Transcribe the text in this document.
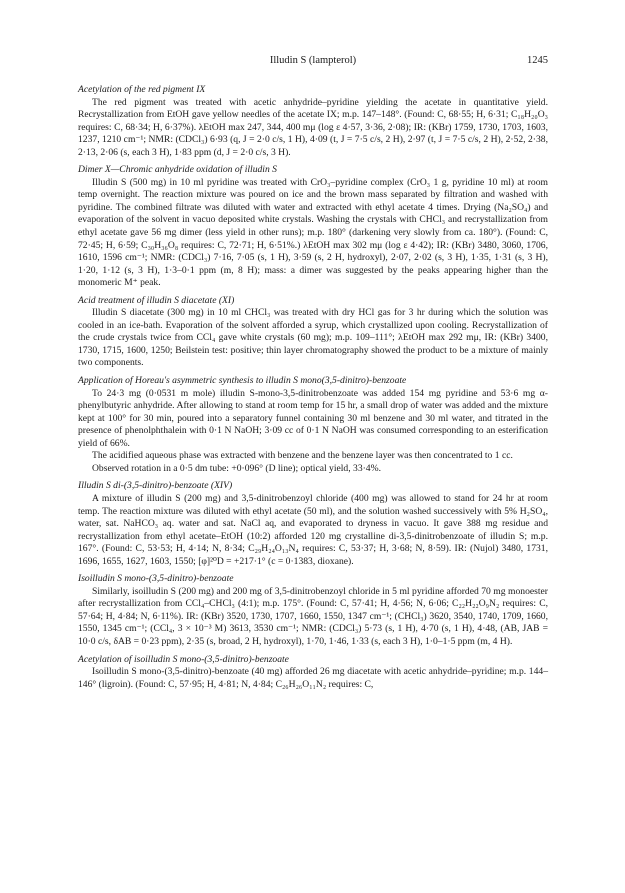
Illudin S (lampterol)	1245

Acetylation of the red pigment IX

The red pigment was treated with acetic anhydride–pyridine yielding the acetate in quantitative yield. Recrystallization from EtOH gave yellow needles of the acetate IX; m.p. 147–148°. (Found: C, 68·55; H, 6·31; C₁₈H₂₀O₃ requires: C, 68·34; H, 6·37%). λEtOH max 247, 344, 400 mμ (log ε 4·57, 3·36, 2·08); IR: (KBr) 1759, 1730, 1703, 1603, 1237, 1210 cm⁻¹; NMR: (CDCl₃) 6·93 (q, J = 2·0 c/s, 1 H), 4·09 (t, J = 7·5 c/s, 2 H), 2·97 (t, J = 7·5 c/s, 2 H), 2·52, 2·38, 2·13, 2·06 (s, each 3 H), 1·83 ppm (d, J = 2·0 c/s, 3 H).

Dimer X—Chromic anhydride oxidation of illudin S

Illudin S (500 mg) in 10 ml pyridine was treated with CrO₃–pyridine complex (CrO₃ 1 g, pyridine 10 ml) at room temp overnight. The reaction mixture was poured on ice and the brown mass separated by filtration and washed with pyridine. The combined filtrate was diluted with water and extracted with ethyl acetate 4 times. Drying (Na₂SO₄) and evaporation of the solvent in vacuo deposited white crystals. Washing the crystals with CHCl₃ and recrystallization from ethyl acetate gave 56 mg dimer (less yield in other runs); m.p. 180° (darkening very slowly from ca. 180°). (Found: C, 72·45; H, 6·59; C₃₀H₃₆O₈ requires: C, 72·71; H, 6·51%.) λEtOH max 302 mμ (log ε 4·42); IR: (KBr) 3480, 3060, 1706, 1610, 1596 cm⁻¹; NMR: (CDCl₃) 7·16, 7·05 (s, 1 H), 3·59 (s, 2 H, hydroxyl), 2·07, 2·02 (s, 3 H), 1·35, 1·31 (s, 3 H), 1·20, 1·12 (s, 3 H), 1·3–0·1 ppm (m, 8 H); mass: a dimer was suggested by the peaks appearing higher than the monomeric M⁺ peak.

Acid treatment of illudin S diacetate (XI)

Illudin S diacetate (300 mg) in 10 ml CHCl₃ was treated with dry HCl gas for 3 hr during which the solution was cooled in an ice-bath. Evaporation of the solvent afforded a syrup, which crystallized upon cooling. Recrystallization of the crude crystals twice from CCl₄ gave white crystals (60 mg); m.p. 109–111°; λEtOH max 292 mμ, IR: (KBr) 3400, 1730, 1715, 1600, 1250; Beilstein test: positive; thin layer chromatography showed the product to be a mixture of mainly two components.

Application of Horeau's asymmetric synthesis to illudin S mono(3,5-dinitro)-benzoate

To 24·3 mg (0·0531 m mole) illudin S-mono-3,5-dinitrobenzoate was added 154 mg pyridine and 53·6 mg α-phenylbutyric anhydride. After allowing to stand at room temp for 15 hr, a small drop of water was added and the mixture kept at 100° for 30 min, poured into a separatory funnel containing 30 ml benzene and 30 ml water, and titrated in the presence of phenolphthalein with 0·1 N NaOH; 3·09 cc of 0·1 N NaOH was consumed corresponding to an esterification yield of 66%.

The acidified aqueous phase was extracted with benzene and the benzene layer was then concentrated to 1 cc.

Observed rotation in a 0·5 dm tube: +0·096° (D line); optical yield, 33·4%.

Illudin S di-(3,5-dinitro)-benzoate (XIV)

A mixture of illudin S (200 mg) and 3,5-dinitrobenzoyl chloride (400 mg) was allowed to stand for 24 hr at room temp. The reaction mixture was diluted with ethyl acetate (50 ml), and the solution washed successively with 5% H₂SO₄, water, sat. NaHCO₃ aq. water and sat. NaCl aq, and evaporated to dryness in vacuo. It gave 388 mg residue and recrystallization from ethyl acetate–EtOH (10:2) afforded 120 mg crystalline di-3,5-dinitrobenzoate of illudin S; m.p. 167°. (Found: C, 53·53; H, 4·14; N, 8·34; C₂₉H₂₄O₁₃N₄ requires: C, 53·37; H, 3·68; N, 8·59). IR: (Nujol) 3480, 1731, 1696, 1655, 1627, 1603, 1550; [φ]²⁰D = +217·1° (c = 0·1383, dioxane).

Isoilludin S mono-(3,5-dinitro)-benzoate

Similarly, isoilludin S (200 mg) and 200 mg of 3,5-dinitrobenzoyl chloride in 5 ml pyridine afforded 70 mg monoester after recrystallization from CCl₄–CHCl₃ (4:1); m.p. 175°. (Found: C, 57·41; H, 4·56; N, 6·06; C₂₂H₂₂O₉N₂ requires: C, 57·64; H, 4·84; N, 6·11%). IR: (KBr) 3520, 1730, 1707, 1660, 1550, 1347 cm⁻¹; (CHCl₃) 3620, 3540, 1740, 1709, 1660, 1550, 1345 cm⁻¹; (CCl₄, 3 × 10⁻³ M) 3613, 3530 cm⁻¹; NMR: (CDCl₃) 5·73 (s, 1 H), 4·70 (s, 1 H), 4·48, (AB, JAB = 10·0 c/s, δAB = 0·23 ppm), 2·35 (s, broad, 2 H, hydroxyl), 1·70, 1·46, 1·33 (s, each 3 H), 1·0–1·5 ppm (m, 4 H).

Acetylation of isoilludin S mono-(3,5-dinitro)-benzoate

Isoilludin S mono-(3,5-dinitro)-benzoate (40 mg) afforded 26 mg diacetate with acetic anhydride–pyridine; m.p. 144–146° (ligroin). (Found: C, 57·95; H, 4·81; N, 4·84; C₂₆H₂₆O₁₁N₂ requires: C,
